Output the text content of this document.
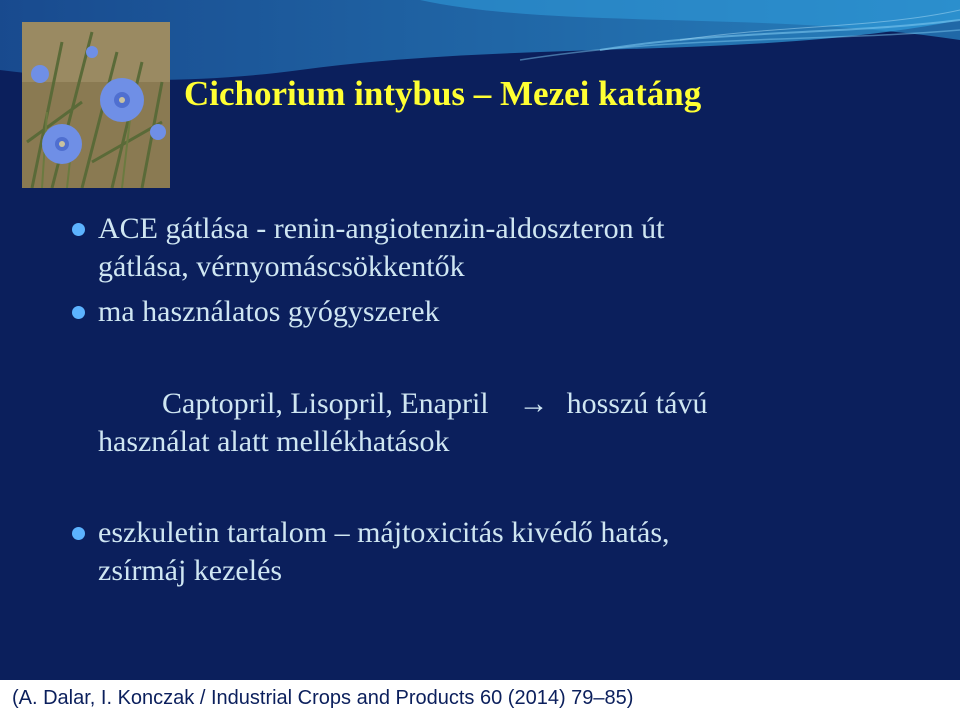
Cichorium intybus – Mezei katáng
ACE gátlása - renin-angiotenzin-aldoszteron út
gátlása, vérnyomáscsökkentők
ma használatos gyógyszerek
Captopril, Lisopril, Enapril → hosszú távú
használat alatt mellékhatások
eszkuletin tartalom – májtoxicitás kivédő hatás,
zsírmáj kezelés
(A. Dalar, I. Konczak / Industrial Crops and Products 60 (2014) 79–85)
